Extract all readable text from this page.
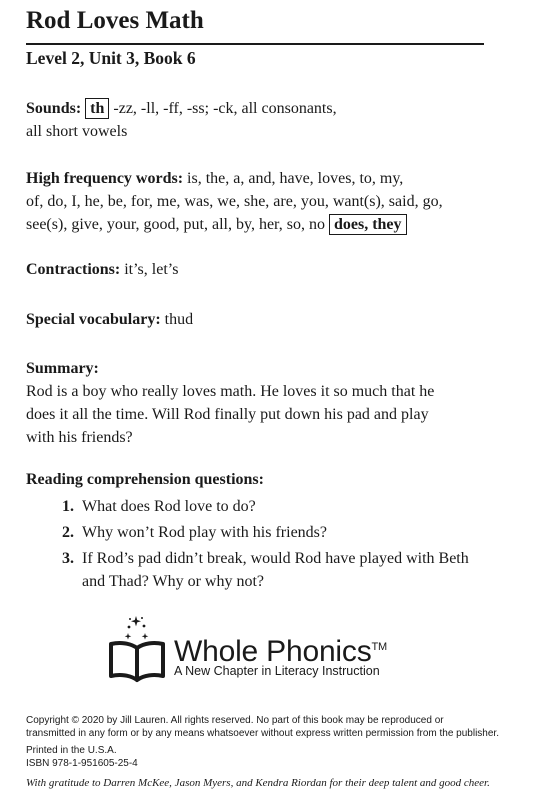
Rod Loves Math
Level 2, Unit 3, Book 6
Sounds: th -zz, -ll, -ff, -ss; -ck, all consonants,
all short vowels
High frequency words: is, the, a, and, have, loves, to, my,
of, do, I, he, be, for, me, was, we, she, are, you, want(s), said, go,
see(s), give, your, good, put, all, by, her, so, no does, they
Contractions: it’s, let’s
Special vocabulary: thud
Summary:
Rod is a boy who really loves math. He loves it so much that he
does it all the time. Will Rod finally put down his pad and play
with his friends?
Reading comprehension questions:
1. What does Rod love to do?
2. Why won’t Rod play with his friends?
3. If Rod’s pad didn’t break, would Rod have played with Beth and Thad? Why or why not?
Whole Phonics™
A New Chapter in Literacy Instruction
Copyright © 2020 by Jill Lauren. All rights reserved. No part of this book may be reproduced or
transmitted in any form or by any means whatsoever without express written permission from the publisher.
Printed in the U.S.A.
ISBN 978-1-951605-25-4
With gratitude to Darren McKee, Jason Myers, and Kendra Riordan for their deep talent and good cheer.
